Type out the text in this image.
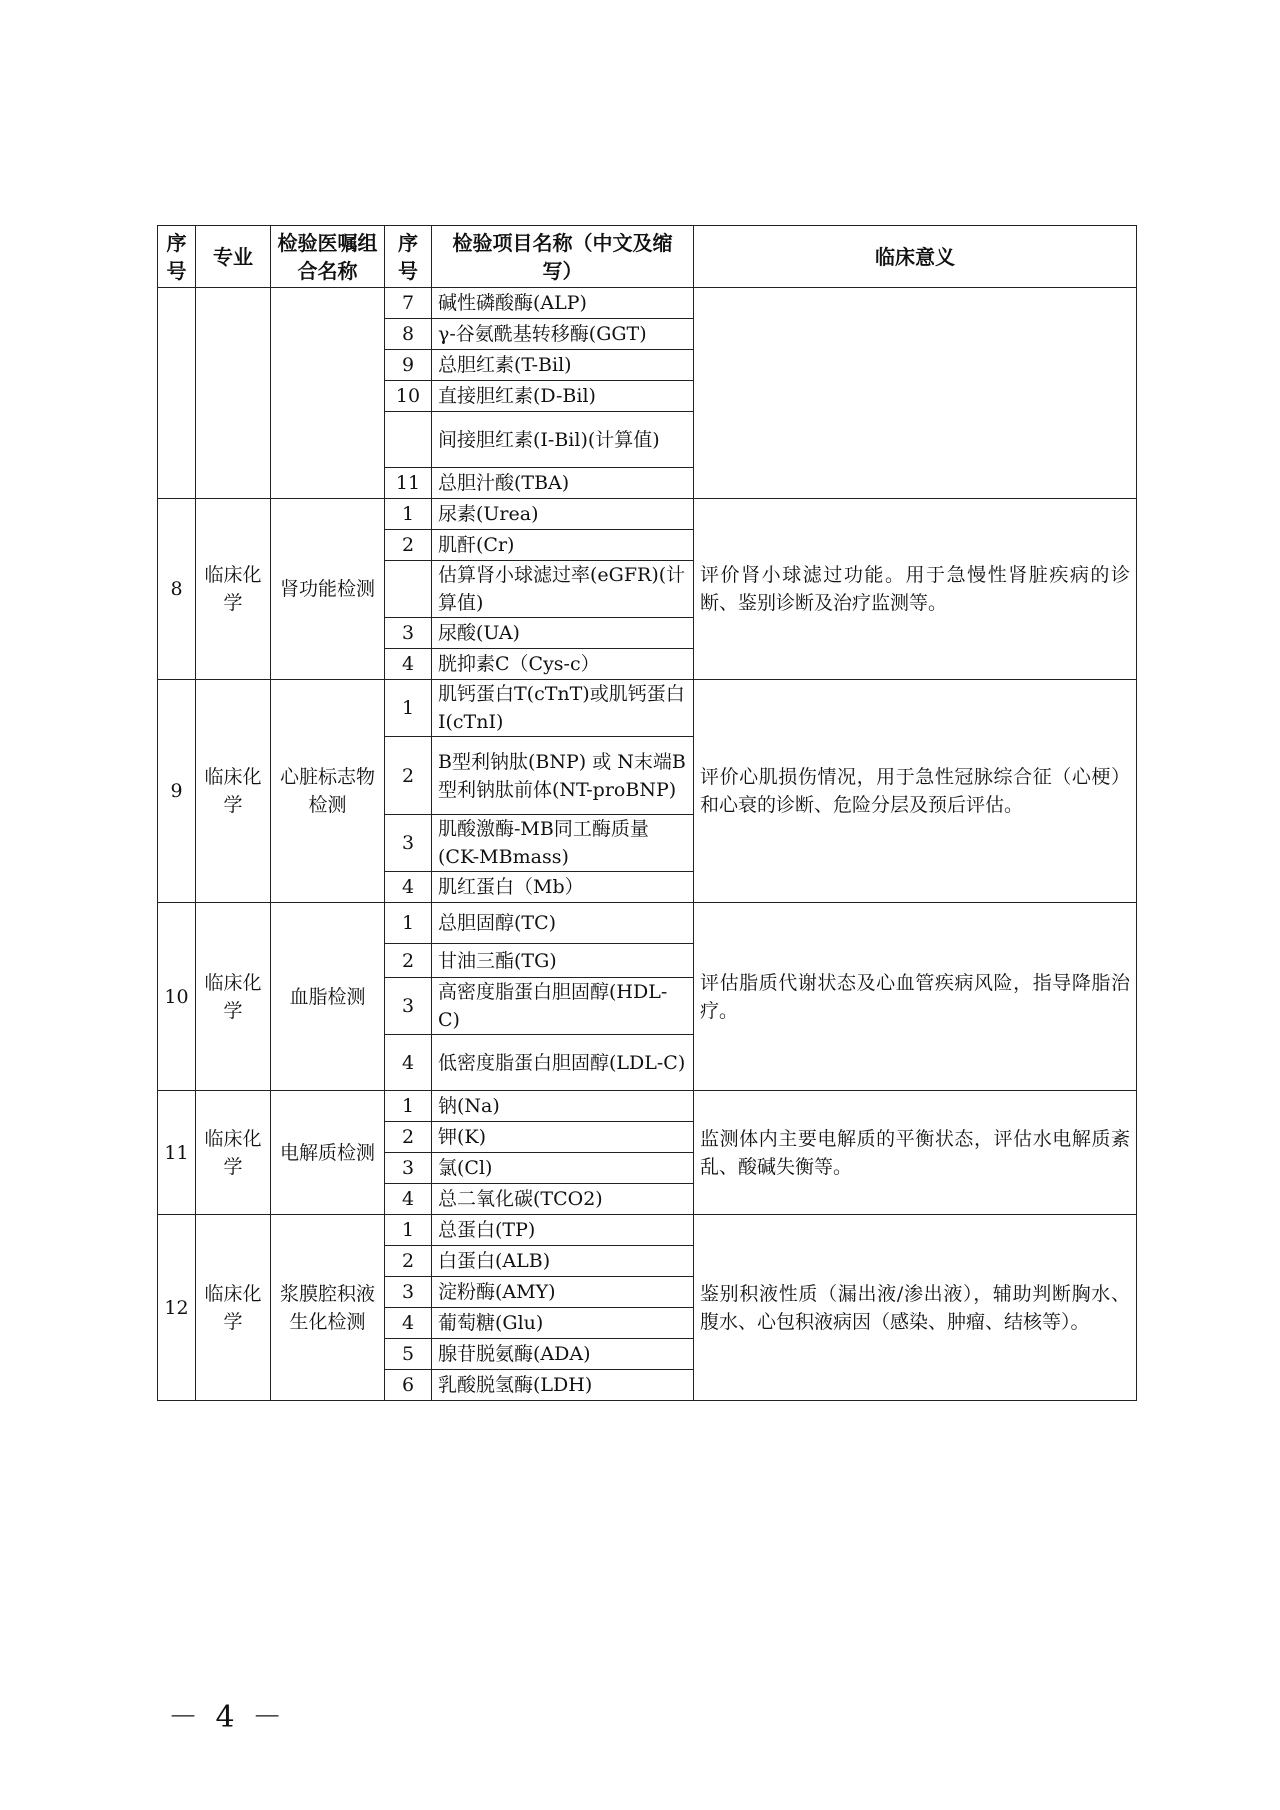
序号	专业	检验医嘱组合名称	序号	检验项目名称（中文及缩写）	临床意义
			7	碱性磷酸酶(ALP)	
			8	γ-谷氨酰基转移酶(GGT)	
			9	总胆红素(T-Bil)	
			10	直接胆红素(D-Bil)	
				间接胆红素(I-Bil)(计算值)	
			11	总胆汁酸(TBA)	
8	临床化学	肾功能检测	1	尿素(Urea)	评价肾小球滤过功能。用于急慢性肾脏疾病的诊断、鉴别诊断及治疗监测等。
			2	肌酐(Cr)	
				估算肾小球滤过率(eGFR)(计算值)	
			3	尿酸(UA)	
			4	胱抑素C（Cys-c）	
9	临床化学	心脏标志物检测	1	肌钙蛋白T(cTnT)或肌钙蛋白I(cTnI)	评价心肌损伤情况，用于急性冠脉综合征（心梗）和心衰的诊断、危险分层及预后评估。
			2	B型利钠肽(BNP) 或 N末端B型利钠肽前体(NT-proBNP)	
			3	肌酸激酶-MB同工酶质量(CK-MBmass)	
			4	肌红蛋白（Mb）	
10	临床化学	血脂检测	1	总胆固醇(TC)	评估脂质代谢状态及心血管疾病风险，指导降脂治疗。
			2	甘油三酯(TG)	
			3	高密度脂蛋白胆固醇(HDL-C)	
			4	低密度脂蛋白胆固醇(LDL-C)	
11	临床化学	电解质检测	1	钠(Na)	监测体内主要电解质的平衡状态，评估水电解质紊乱、酸碱失衡等。
			2	钾(K)	
			3	氯(Cl)	
			4	总二氧化碳(TCO2)	
12	临床化学	浆膜腔积液生化检测	1	总蛋白(TP)	鉴别积液性质（漏出液/渗出液），辅助判断胸水、腹水、心包积液病因（感染、肿瘤、结核等）。
			2	白蛋白(ALB)	
			3	淀粉酶(AMY)	
			4	葡萄糖(Glu)	
			5	腺苷脱氨酶(ADA)	
			6	乳酸脱氢酶(LDH)	
－ 4 －
